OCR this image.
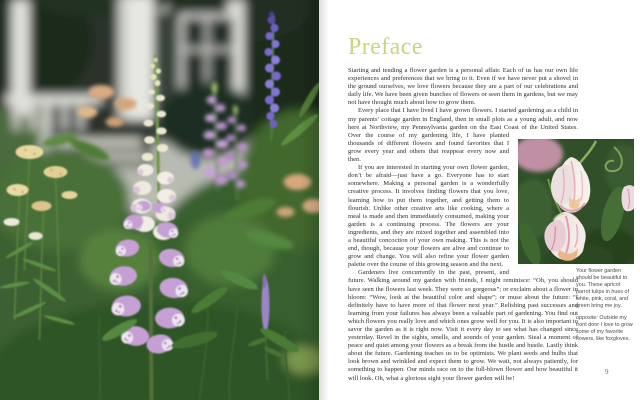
Preface

Starting and tending a flower garden is a personal affair. Each of us has our own life experiences and preferences that we bring to it. Even if we have never put a shovel in the ground ourselves, we love flowers because they are a part of our celebrations and daily life. We have been given bunches of flowers or seen them in gardens, but we may not have thought much about how to grow them.

Every place that I have lived I have grown flowers. I started gardening as a child in my parents’ cottage garden in England, then in small plots as a young adult, and now here at Northview, my Pennsylvania garden on the East Coast of the United States. Over the course of my gardening life, I have planted thousands of different flowers and found favorites that I grow every year and others that reappear every now and then.

If you are interested in starting your own flower garden, don’t be afraid—just have a go. Everyone has to start somewhere. Making a personal garden is a wonderfully creative process. It involves finding flowers that you love, learning how to put them together, and getting them to flourish. Unlike other creative arts like cooking, where a meal is made and then immediately consumed, making your garden is a continuing process. The flowers are your ingredients, and they are mixed together and assembled into a beautiful concoction of your own making. This is not the end, though, because your flowers are alive and continue to grow and change. You will also refine your flower garden palette over the course of this growing season and the next.

Gardeners live concurrently in the past, present, and future. Walking around my garden with friends, I might reminisce: “Oh, you should have seen the flowers last week. They were so gorgeous”; or exclaim about a flower in bloom: “Wow, look at the beautiful color and shape”; or muse about the future: “I definitely have to have more of that flower next year.” Relishing past successes and learning from your failures has always been a valuable part of gardening. You find out which flowers you really love and which ones grow well for you. It is also important to savor the garden as it is right now. Visit it every day to see what has changed since yesterday. Revel in the sights, smells, and sounds of your garden. Steal a moment of peace and quiet among your flowers as a break from the hustle and bustle. Lastly think about the future. Gardening teaches us to be optimists. We plant seeds and bulbs that look brown and wrinkled and expect them to grow. We wait, not always patiently, for something to happen. Our minds race on to the full-blown flower and how beautiful it will look. Oh, what a glorious sight your flower garden will be!

Your flower garden should be beautiful to you. These apricot parrot tulips in hues of white, pink, coral, and green bring me joy.

opposite: Outside my front door I love to grow some of my favorite flowers, like foxgloves.

9
